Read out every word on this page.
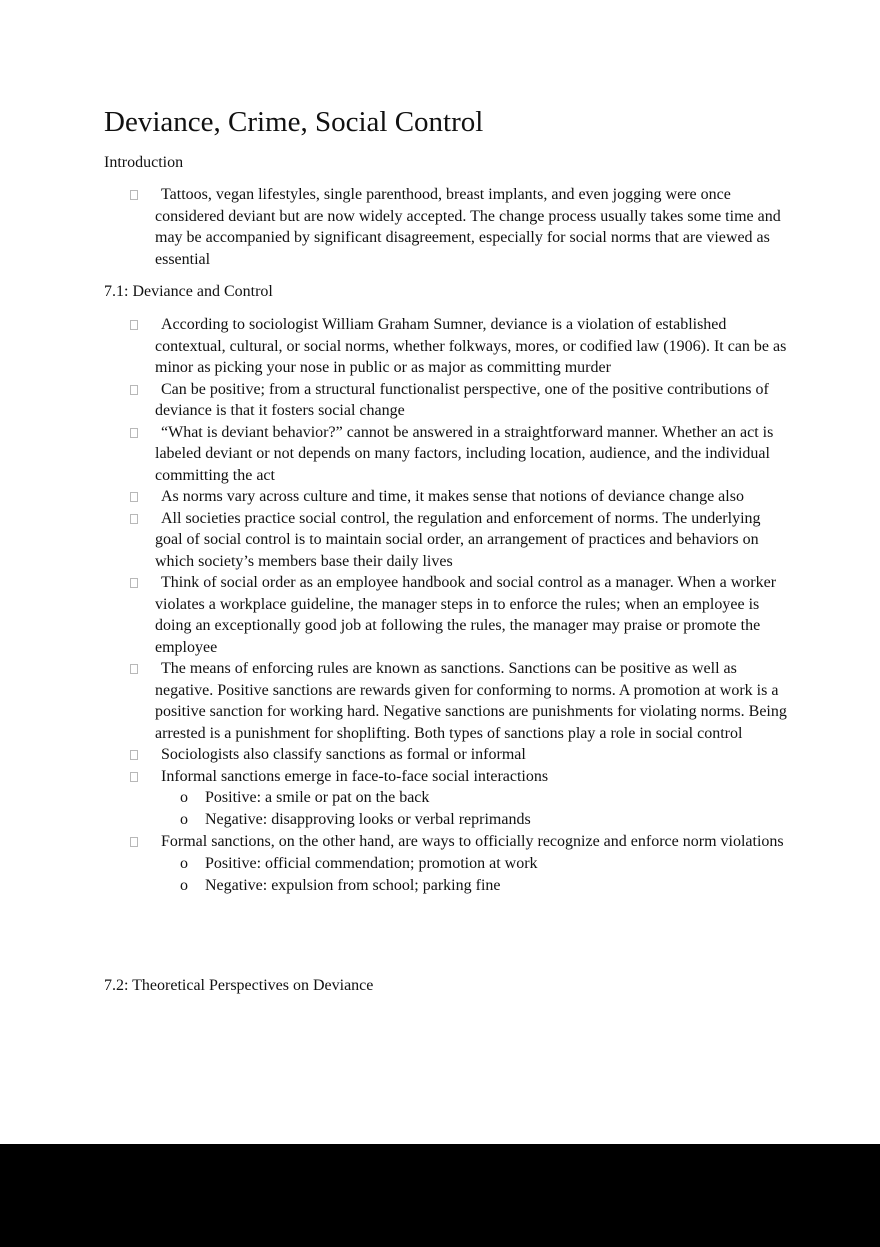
Deviance, Crime, Social Control
Introduction
Tattoos, vegan lifestyles, single parenthood, breast implants, and even jogging were once considered deviant but are now widely accepted. The change process usually takes some time and may be accompanied by significant disagreement, especially for social norms that are viewed as essential
7.1: Deviance and Control
According to sociologist William Graham Sumner, deviance is a violation of established contextual, cultural, or social norms, whether folkways, mores, or codified law (1906). It can be as minor as picking your nose in public or as major as committing murder
Can be positive; from a structural functionalist perspective, one of the positive contributions of deviance is that it fosters social change
“What is deviant behavior?” cannot be answered in a straightforward manner. Whether an act is labeled deviant or not depends on many factors, including location, audience, and the individual committing the act
As norms vary across culture and time, it makes sense that notions of deviance change also
All societies practice social control, the regulation and enforcement of norms. The underlying goal of social control is to maintain social order, an arrangement of practices and behaviors on which society’s members base their daily lives
Think of social order as an employee handbook and social control as a manager. When a worker violates a workplace guideline, the manager steps in to enforce the rules; when an employee is doing an exceptionally good job at following the rules, the manager may praise or promote the employee
The means of enforcing rules are known as sanctions. Sanctions can be positive as well as negative. Positive sanctions are rewards given for conforming to norms. A promotion at work is a positive sanction for working hard. Negative sanctions are punishments for violating norms. Being arrested is a punishment for shoplifting. Both types of sanctions play a role in social control
Sociologists also classify sanctions as formal or informal
Informal sanctions emerge in face-to-face social interactions
o Positive: a smile or pat on the back
o Negative: disapproving looks or verbal reprimands
Formal sanctions, on the other hand, are ways to officially recognize and enforce norm violations
o Positive: official commendation; promotion at work
o Negative: expulsion from school; parking fine
7.2: Theoretical Perspectives on Deviance
